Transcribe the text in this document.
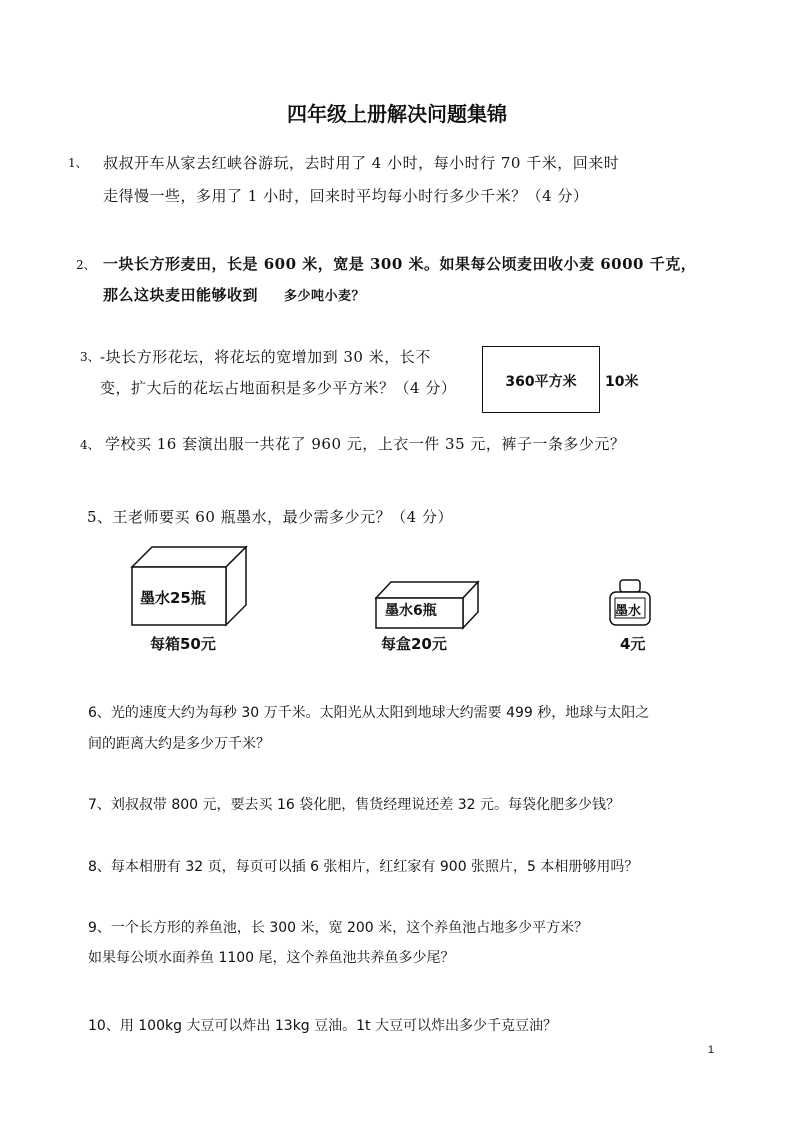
四年级上册解决问题集锦
1、 叔叔开车从家去红峡谷游玩，去时用了 4 小时，每小时行 70 千米，回来时
走得慢一些，多用了 1 小时，回来时平均每小时行多少千米？（4 分）
2、 一块长方形麦田，长是 600 米，宽是 300 米。如果每公顷麦田收小麦 6000 千克，
那么这块麦田能够收到 多少吨小麦？
3、 -块长方形花坛，将花坛的宽增加到 30 米，长不
变，扩大后的花坛占地面积是多少平方米？（4 分）	360平方米	10米
4、 学校买 16 套演出服一共花了 960 元，上衣一件 35 元，裤子一条多少元？
5、王老师要买 60 瓶墨水，最少需多少元？（4 分）
墨水25瓶
每箱50元
墨水6瓶
每盒20元
墨水
4元
6、光的速度大约为每秒 30 万千米。太阳光从太阳到地球大约需要 499 秒，地球与太阳之
间的距离大约是多少万千米？
7、刘叔叔带 800 元，要去买 16 袋化肥，售货经理说还差 32 元。每袋化肥多少钱？
8、每本相册有 32 页，每页可以插 6 张相片，红红家有 900 张照片，5 本相册够用吗？
9、一个长方形的养鱼池，长 300 米，宽 200 米，这个养鱼池占地多少平方米？
如果每公顷水面养鱼 1100 尾，这个养鱼池共养鱼多少尾？
10、用 100kg 大豆可以炸出 13kg 豆油。1t 大豆可以炸出多少千克豆油？
1
